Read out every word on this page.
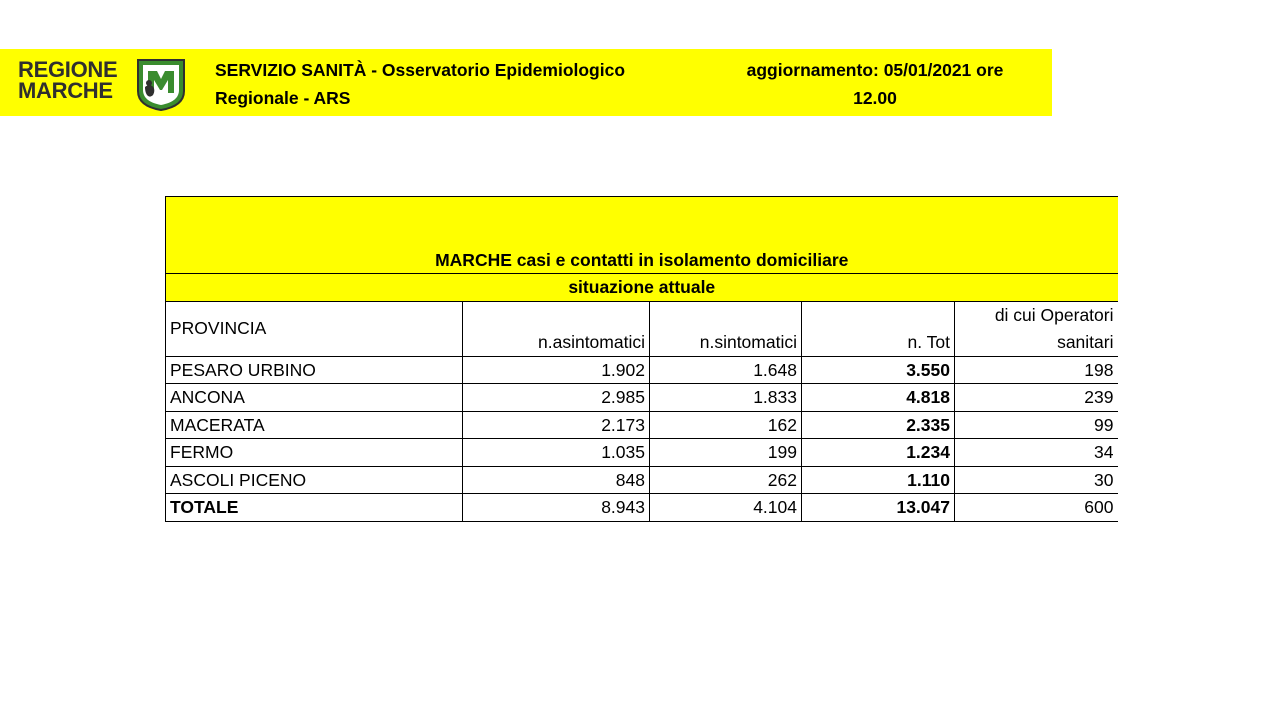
REGIONE
MARCHE
SERVIZIO SANITÀ - Osservatorio Epidemiologico
Regionale - ARS
aggiornamento: 05/01/2021 ore
12.00
MARCHE casi e contatti in isolamento domiciliare				
situazione attuale				
PROVINCIA	n.asintomatici	n.sintomatici	n. Tot	di cui Operatori
sanitari

PESARO URBINO	1.902	1.648	3.550	198
ANCONA	2.985	1.833	4.818	239
MACERATA	2.173	162	2.335	99
FERMO	1.035	199	1.234	34
ASCOLI PICENO	848	262	1.110	30
TOTALE	8.943	4.104	13.047	600
